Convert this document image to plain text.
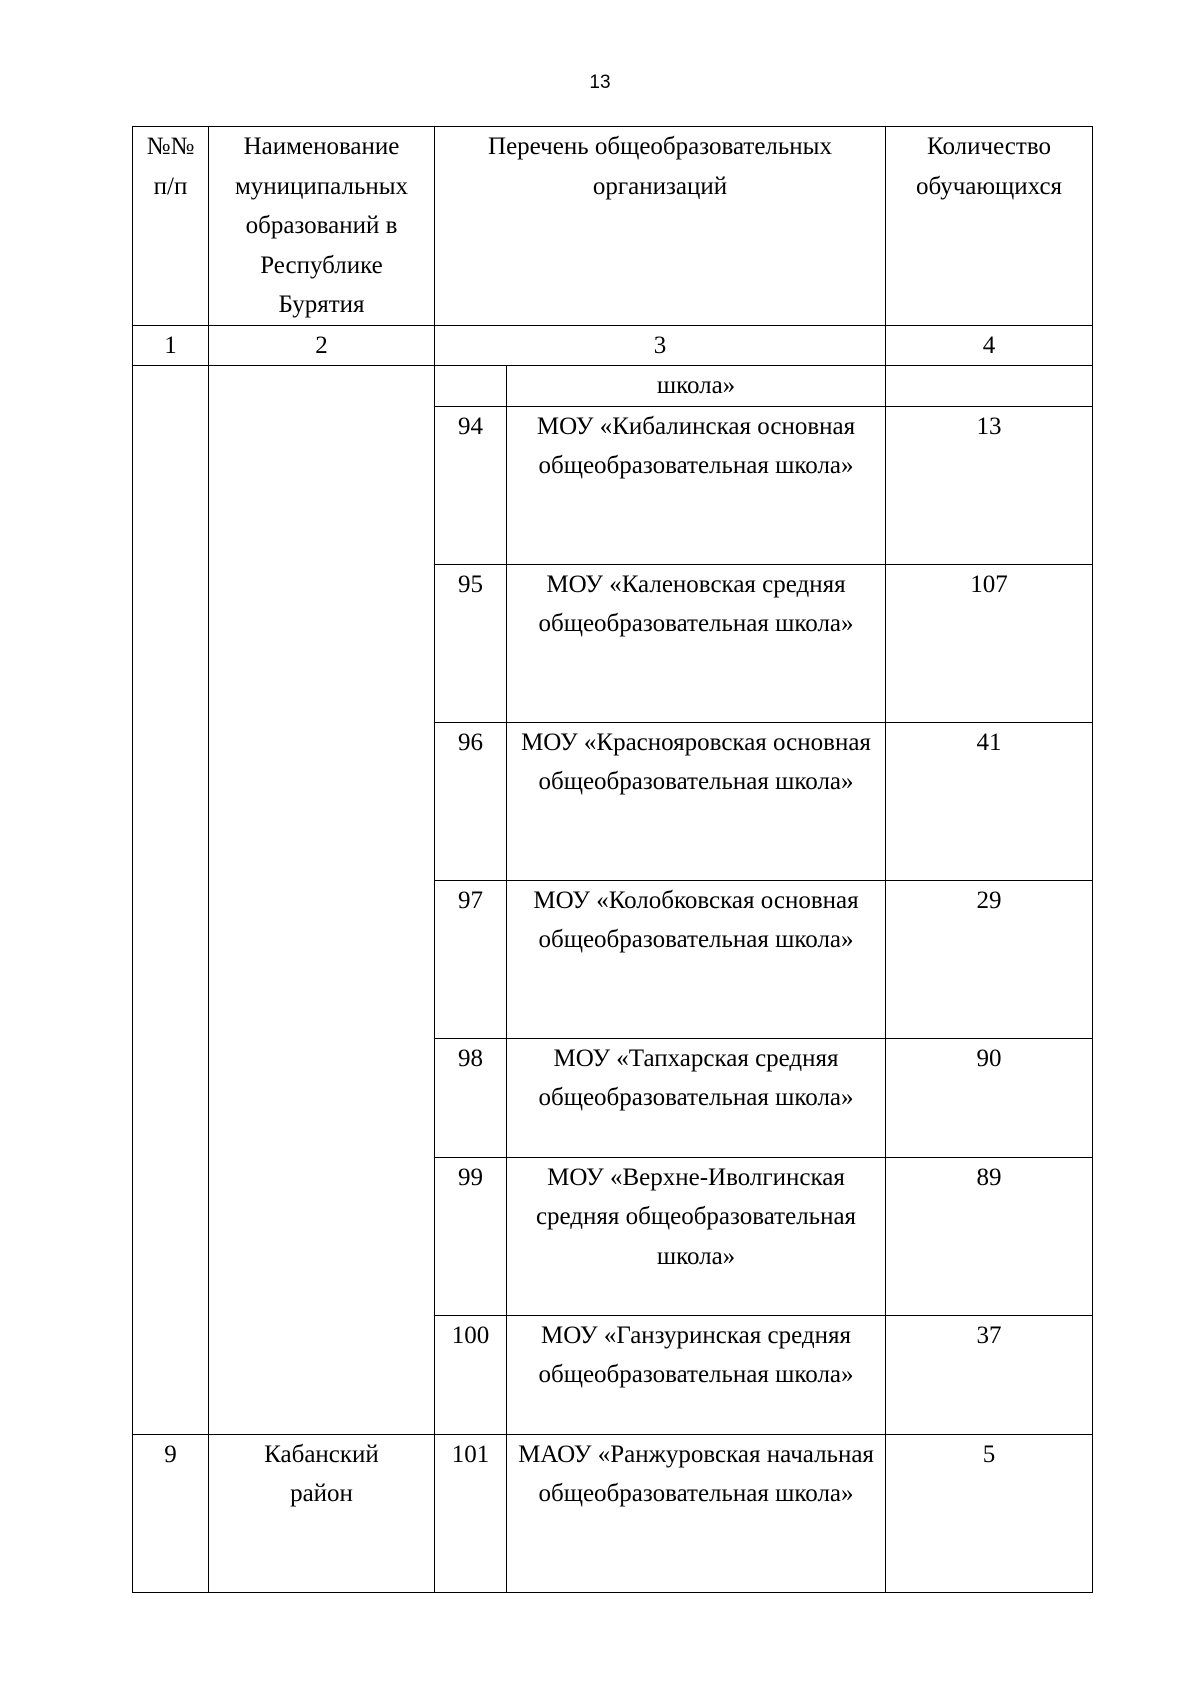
13
№№ п/п	Наименование муниципальных образований в Республике Бурятия	Перечень общеобразовательных организаций		Количество обучающихся
1	2	3		4
			школа»	
		94	МОУ «Кибалинская основная общеобразовательная школа»	13
		95	МОУ «Каленовская средняя общеобразовательная школа»	107
		96	МОУ «Краснояровская основная общеобразовательная школа»	41
		97	МОУ «Колобковская основная общеобразовательная школа»	29
		98	МОУ «Тапхарская средняя общеобразовательная школа»	90
		99	МОУ «Верхне-Иволгинская средняя общеобразовательная школа»	89
		100	МОУ «Ганзуринская средняя общеобразовательная школа»	37
9	Кабанский район	101	МАОУ «Ранжуровская начальная общеобразовательная школа»	5
